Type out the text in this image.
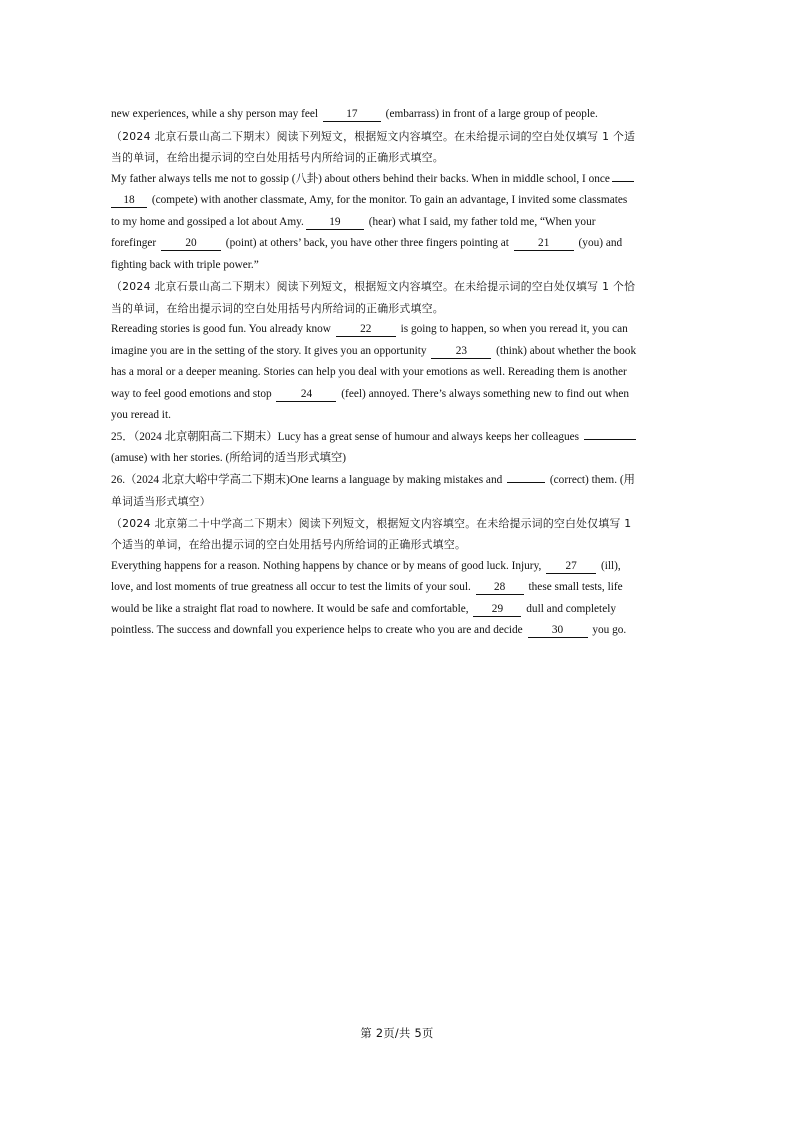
new experiences, while a shy person may feel 17 (embarrass) in front of a large group of people.
（2024 北京石景山高二下期末）阅读下列短文，根据短文内容填空。在未给提示词的空白处仅填写 1 个适
当的单词，在给出提示词的空白处用括号内所给词的正确形式填空。
My father always tells me not to gossip (八卦) about others behind their backs. When in middle school, I once
18 (compete) with another classmate, Amy, for the monitor. To gain an advantage, I invited some classmates
to my home and gossiped a lot about Amy. 19 (hear) what I said, my father told me, “When your
forefinger 20 (point) at others’ back, you have other three fingers pointing at 21 (you) and
fighting back with triple power.”
（2024 北京石景山高二下期末）阅读下列短文，根据短文内容填空。在未给提示词的空白处仅填写 1 个恰
当的单词，在给出提示词的空白处用括号内所给词的正确形式填空。
Rereading stories is good fun. You already know 22 is going to happen, so when you reread it, you can
imagine you are in the setting of the story. It gives you an opportunity 23 (think) about whether the book
has a moral or a deeper meaning. Stories can help you deal with your emotions as well. Rereading them is another
way to feel good emotions and stop 24 (feel) annoyed. There’s always something new to find out when
you reread it.
25．（2024 北京朝阳高二下期末）Lucy has a great sense of humour and always keeps her colleagues
(amuse) with her stories. (所给词的适当形式填空)
26.（2024 北京大峪中学高二下期末)One learns a language by making mistakes and	(correct) them. (用
单词适当形式填空）
（2024 北京第二十中学高二下期末）阅读下列短文，根据短文内容填空。在未给提示词的空白处仅填写 1
个适当的单词，在给出提示词的空白处用括号内所给词的正确形式填空。
Everything happens for a reason. Nothing happens by chance or by means of good luck. Injury, 27 (ill),
love, and lost moments of true greatness all occur to test the limits of your soul. 28 these small tests, life
would be like a straight flat road to nowhere. It would be safe and comfortable, 29 dull and completely
pointless. The success and downfall you experience helps to create who you are and decide 30 you go.
第 2页/共 5页
